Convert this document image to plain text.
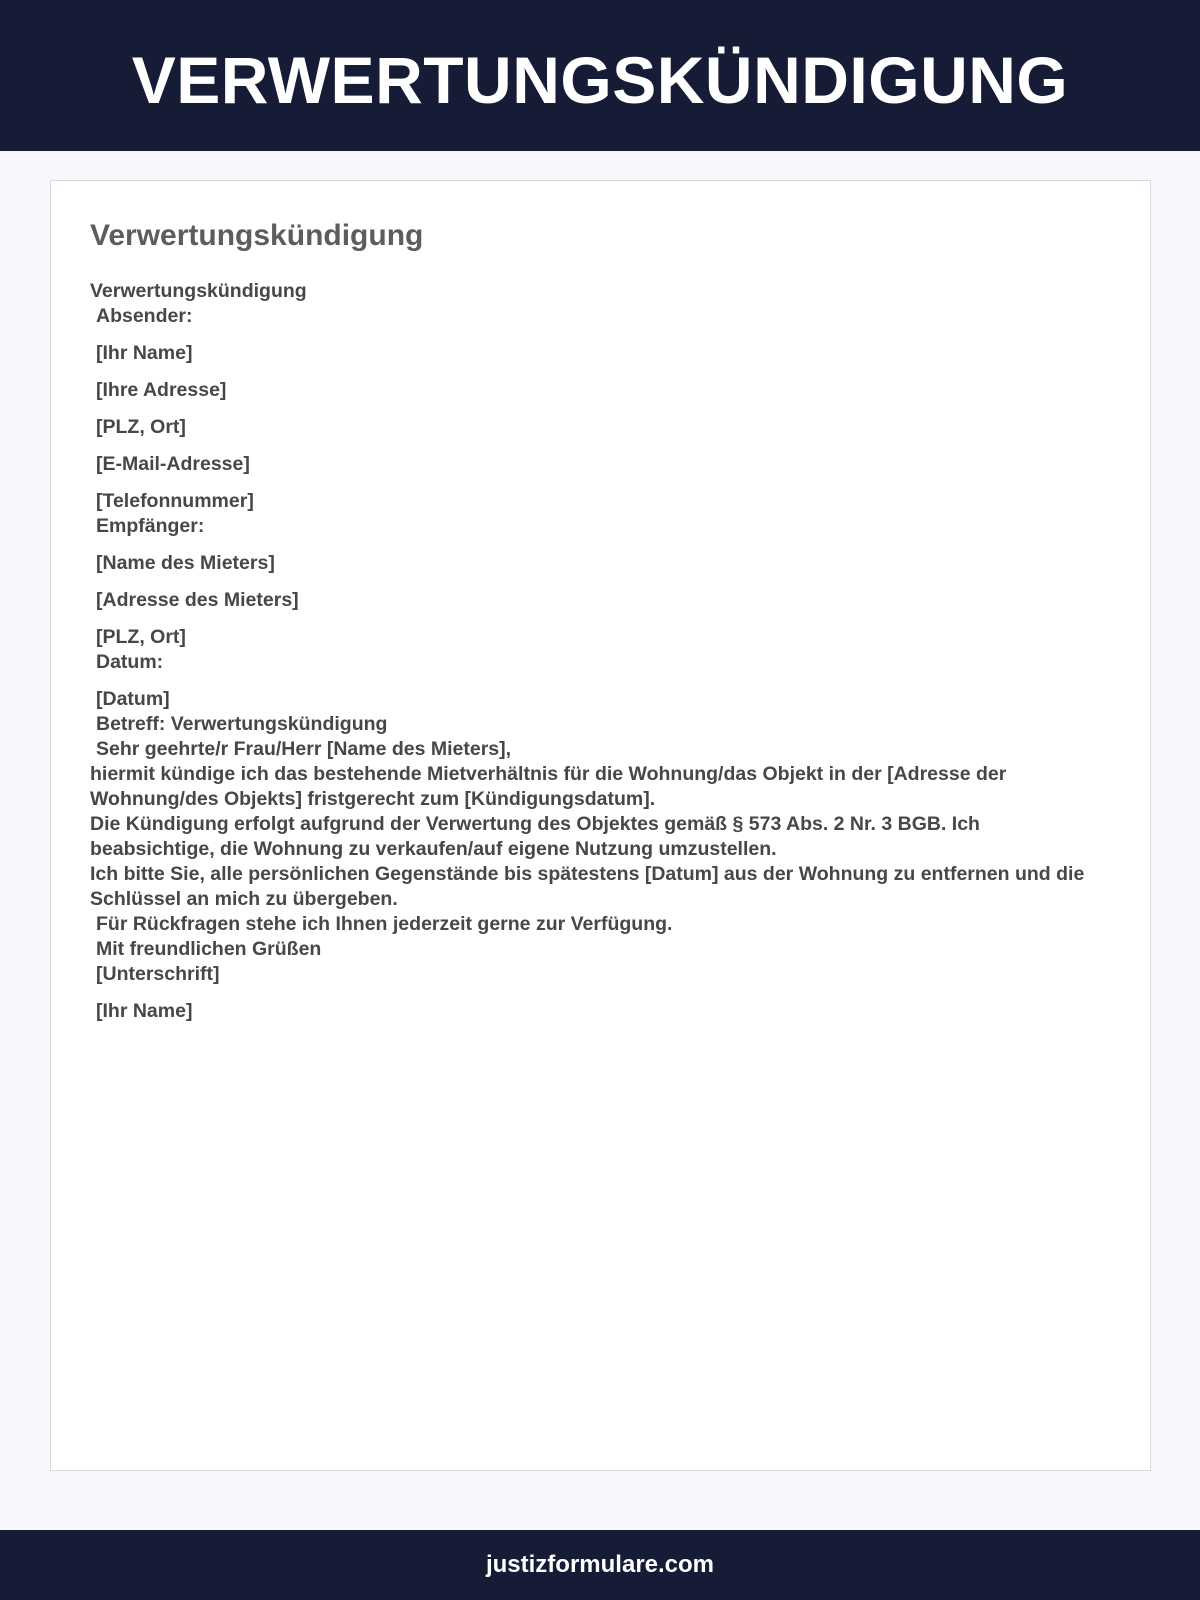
VERWERTUNGSKÜNDIGUNG
Verwertungskündigung
Verwertungskündigung
Absender:
[Ihr Name]
[Ihre Adresse]
[PLZ, Ort]
[E-Mail-Adresse]
[Telefonnummer]
Empfänger:
[Name des Mieters]
[Adresse des Mieters]
[PLZ, Ort]
Datum:
[Datum]
Betreff: Verwertungskündigung
Sehr geehrte/r Frau/Herr [Name des Mieters],
hiermit kündige ich das bestehende Mietverhältnis für die Wohnung/das Objekt in der [Adresse der Wohnung/des Objekts] fristgerecht zum [Kündigungsdatum].
Die Kündigung erfolgt aufgrund der Verwertung des Objektes gemäß § 573 Abs. 2 Nr. 3 BGB. Ich beabsichtige, die Wohnung zu verkaufen/auf eigene Nutzung umzustellen.
Ich bitte Sie, alle persönlichen Gegenstände bis spätestens [Datum] aus der Wohnung zu entfernen und die Schlüssel an mich zu übergeben.
Für Rückfragen stehe ich Ihnen jederzeit gerne zur Verfügung.
Mit freundlichen Grüßen
[Unterschrift]
[Ihr Name]
justizformulare.com
